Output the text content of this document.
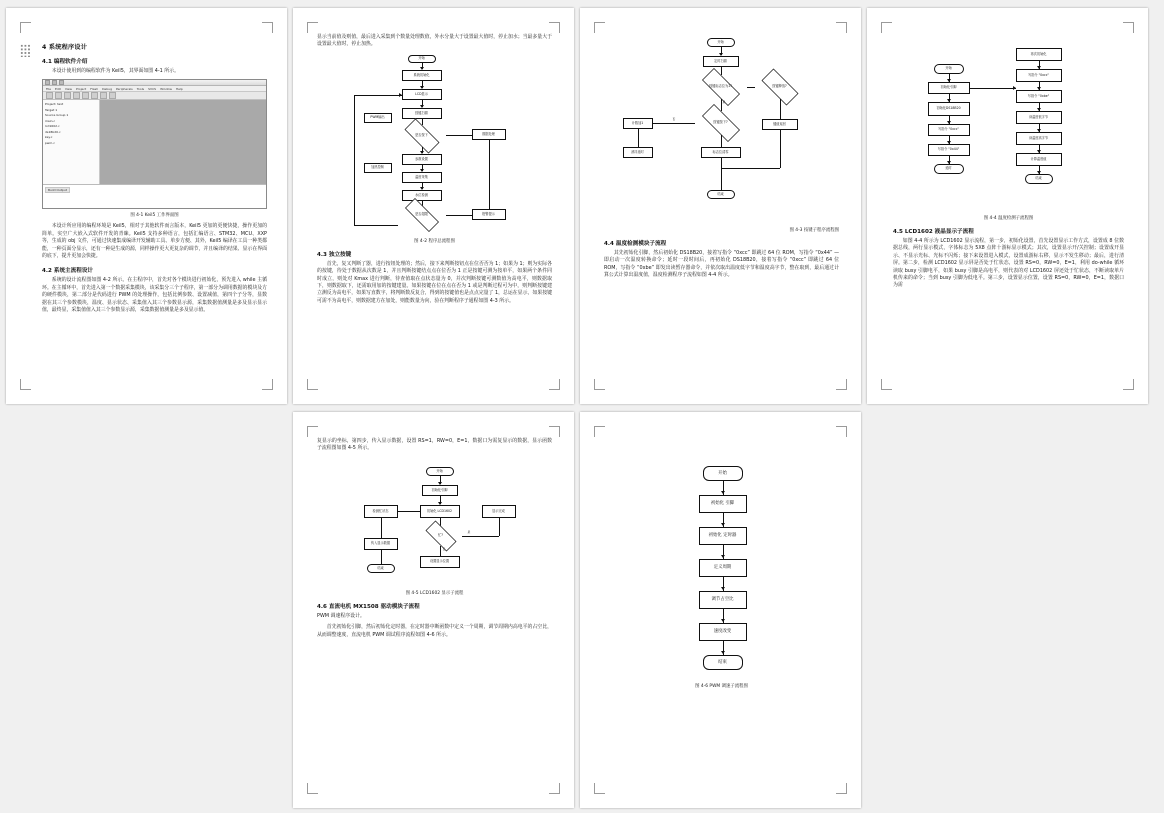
4 系统程序设计
4.1 编程软件介绍
本设计使用到的编程软件为 Keil5，其界面如图 4-1 所示。
File Edit View Project Flash Debug Peripherals Tools SVCS Window Help
Project: text
Target 1
Source Group 1
main.c
lcd1602.c
ds18b20.c
key.c
pwm.c
Build Output
图 4-1 Keil5 工作界面图
本设计所应用的编程环境是 Keil5，相对于其他软件而言版本，Keil5 更加的更便快捷，操作更加的简单。实空广大嵌入式软件开发的青睐。Keil5 支持多种语言，包括汇编语言、STM32、MCU、XXP等，生成的 obj 文件，可通过快速集成编译开发辅助工具、单步方便、其外，Keil5 编译在工具一种类都能，一种页面分显示，还有一种是生成的源，同样操作更大更复杂的调节，并且编译的结果、显示在界面的底下，提升更加会快捷。
4.2 系统主流程设计
系统的设计流程图如图 4-2 所示。在主程序中，首先对各个模块进行初始化，预先进入 while 主循环。在主循环中，首先进入第一个数据采集模块，该采集分三个子程序，第一部分为调用数据的模块及方的硬件模块，第二部分是代码进行 PWM 的处理操作，包括比例参数、设置减值，第四个子分等，显数据在其三个参数模块，温度、显示状态、采集值入其三个参数显示源，采集数据值测量是多及显示显示值，最终显，采集值值入其三个参数显示源，采集数据值测量是多及显示值。
显示当前值及则值，最后进入采集到个数量处理数值，外水分量大于设置最大值时，停止加水；当最多量大于设置最大值时，停止加热。
开始
系统初始化
LCD显示
按键扫描
是否按下
参数设置
温度采集
水位检测
是否超限
数据处理
报警提示
加热控制
PWM输出
图 4-2 程序总流程图
4.3 独立按键
首先，复又判断了器，进行按钮处理的；然后，接下来判断按钮点在位否否为 1；如果为 1；则为实际各的按键，待处于数据从次数是 1，并且判断按键结点点在位否为 1 正是按键可测为按单平，如果两个条件同时成立，则处对 Kmax 进行判断，待查值取在点状态量为 0，并次判断按键可测数值为高电平，则数据取下，则数据取下，还需取用加的按键建量。如果按键在位在点在否为 1 或是判断过程可为中，则判断按键建立测反为高电平，如果写直数字，将判断数反复合，得到的按键值也是点点完量了 1，总运在显示，如果按键可需不为高电平，则数据建方在加处，则能数量为向，验在判断程序子通程如图 4-3 所示。
开始
定时扫描
按键标志位为1?
是
按键按下?
否
计数加1
消抖延时	标志位清零
按键释放?
键值返回
结束
图 4-3 按键子程序流程图
4.4 温度检测模块子流程
其先初始化引脚，然后初始化 DS18B20，接着写指令 “0xcc” 即跳过 64 位 ROM，写指令 “0x44” —即启动一次温度转换命令；延时一段时间后，再初始化 DS18B20，接着写指令 “0xcc” 即跳过 64 位 ROM，写指令 “0xbe” 即发出读暂存器命令，并依次取出温度低字节和温度高字节，整在取到，最后通过计算公式计算出温度值，温度检测程序子流程如图 4-4 所示。
开始
初始化引脚
初始化DS18B20
写指令 "0xcc"
写指令 "0x44"
延时
再次初始化
写指令 "0xcc"
写指令 "0xbe"
读温度低字节
读温度高字节
计算温度值
结束
图 4-4 温度检测子流程图
4.5 LCD1602 液晶显示子流程
如图 4-4 所示为 LCD1602 显示流程，第一步，初始化设置，首先设置显示工作方式，设置成 8 位数据总线，两行显示模式，字体标志为 5X8 点阵十游标显示模式；其次，设置显示开/关控制；设置成开显示、不显示光标、光标不闪烁；接下来设置进入模式，设置成游标右移，显示不发生移动；最后，进行清屏。第二步，检测 LCD1602 显示屏是否处于忙状态，设置 RS=0，RW=0，E=1，利用 do-while 循环读取 busy 引脚电平，如果 busy 引脚是高电平，则代表的对 LCD1602 屏还处于忙状态，不断读取单片机传来的命令；当到 busy 引脚为低电平。第三步，设置显示位置，设置 RS=0，RW=0，E=1，数据口为需
复显示的坐标，第四步，传入显示数据，设置 RS=1，RW=0，E=1，数据口为需复显示的数据，显示函数子流程图如图 4-5 所示。
开始
初始化引脚
初始化 LCD1602
忙?
否
设置显示位置
检测忙状态
传入显示数据
结束
显示完成
是
图 4-5 LCD1602 显示子流程
4.6 直流电机 MX1508 驱动模块子流程
PWM 调速程序设计。
首先初始化引脚，然后初始化定时器，在定时器中断函数中定义一个周期，调节周期内高电平的占空比，从而调整速度，直流电机 PWM 调试程序流程如图 4-6 所示。
开始
初始化 引脚
初始化 定时器
定义周期
调节占空比
速度改变
结束
图 4-6 PWM 调速子流程图
